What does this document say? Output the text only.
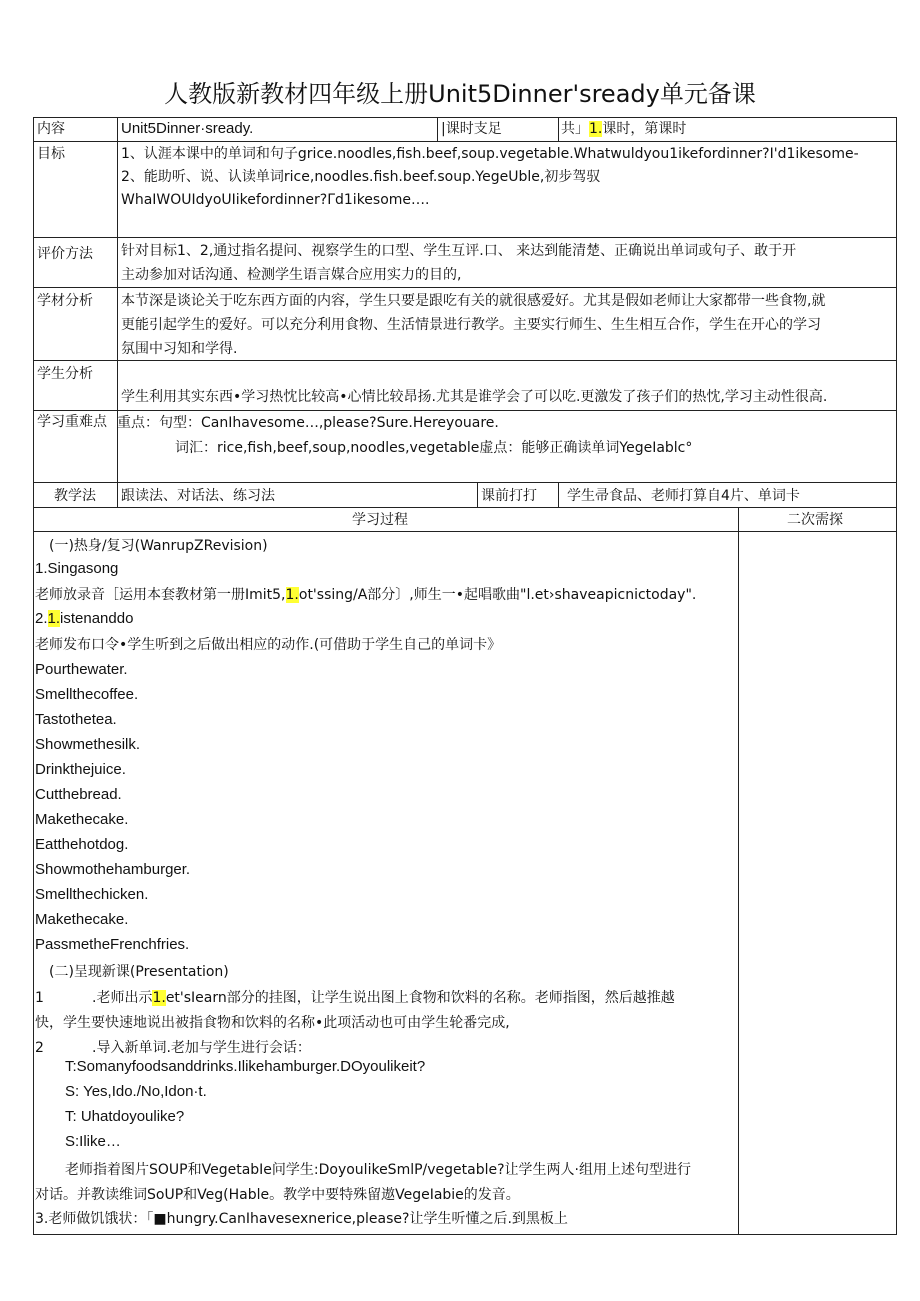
人教版新教材四年级上册Unit5Dinner'sready单元备课
内容	Unit5Dinner·sready.	|课时支足	共」1.课时，第课时
目标	1、认涯本课中的单词和句子grice.noodles,fish.beef,soup.vegetable.Whatwuldyou1ikefordinner?I'd1ikesome-
2、能助听、说、认读单词rice,noodles.fish.beef.soup.YegeUble,初步驾驭
WhaIWOUIdyoUIikefordinner?Γd1ikesome….
评价方法 针对目标1、2,通过指名提问、视察学生的口型、学生互评.口、 来达到能清楚、正确说出单词或句子、敢于开
主动参加对话沟通、检测学生语言媒合应用实力的目的,
学材分析 本节深是谈论关于吃东西方面的内容，学生只要是跟吃有关的就很感爱好。尤其是假如老师让大家都带一些食物,就
更能引起学生的爱好。可以充分利用食物、生活情景进行教学。主要实行师生、生生相互合作，学生在开心的学习
氛围中习知和学得.
学生分析
学生利用其实东西•学习热忱比较高•心情比较昂扬.尤其是谁学会了可以吃.更激发了孩子们的热忱,学习主动性很高.
学习重难点 重点：句型：CanIhavesome…,please?Sure.Hereyouare.
词汇：rice,fish,beef,soup,noodles,vegetable虚点：能够正确读单词YegeIablc°
教学法 跟读法、对话法、练习法	课前打打 学生帚食品、老师打算自4片、单词卡
学习过程	二次需探
(一)热身/复习(WanrupZRevision)
1.Singasong
老师放录音［运用本套教材第一册Imit5,1.ot'ssing/A部分〕,师生一•起唱歌曲"l.et›shaveapicnictoday".
2.1.istenanddo
老师发布口令•学生听到之后做出相应的动作.(可借助于学生自己的单词卡》
Pourthewater.
Smellthecoffee.
Tastothetea.
Showmethesilk.
Drinkthejuice.
Cutthebread.
Makethecake.
Eatthehotdog.
Showmothehamburger.
Smellthechicken.
Makethecake.
PassmetheFrenchfries.
(二)呈现新课(Presentation)
1	.老师出示1.et'sIearn部分的挂图，让学生说出图上食物和饮料的名称。老师指图，然后越推越
快，学生要快速地说出被指食物和饮料的名称•此项活动也可由学生轮番完成,
2	.导入新单词.老加与学生进行会话：
T:Somanyfoodsanddrinks.Ilikehamburger.DOyoulikeit?
S: Yes,Ido./No,Idon·t.
T: Uhatdoyoulike?
S:Ilike…
老师指着图片SOUP和VegetabIe问学生:DoyoulikeSmlP/vegetable?让学生两人·组用上述句型进行
对话。并教读维词SoUP和Veg(Hable。教学中要特殊留遨VegeIabie的发音。
3.老师做饥饿状：「■hungry.CanIhavesexnerice,please?让学生听懂之后.到黑板上
